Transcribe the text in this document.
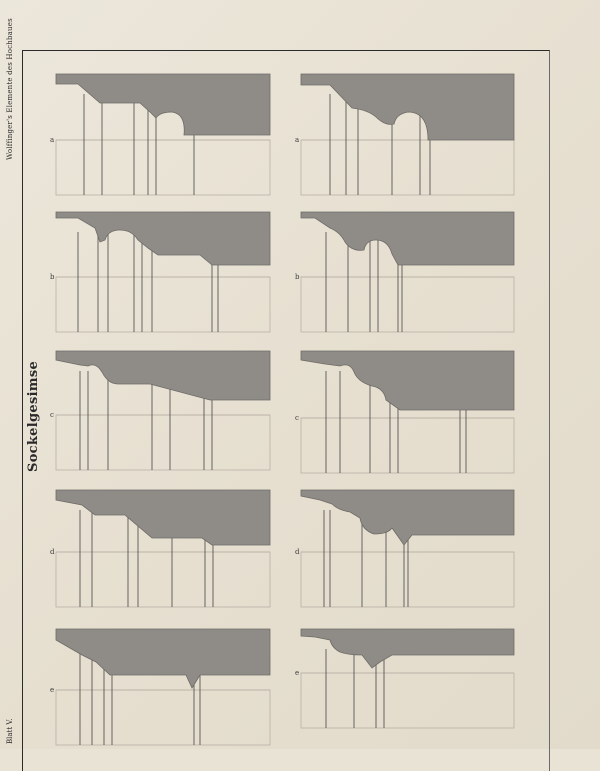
Sockelgesimse
Wolffinger's Elemente des Hochbaues
Blatt V.
a	a
b	b
c	c
d	d
e
e
